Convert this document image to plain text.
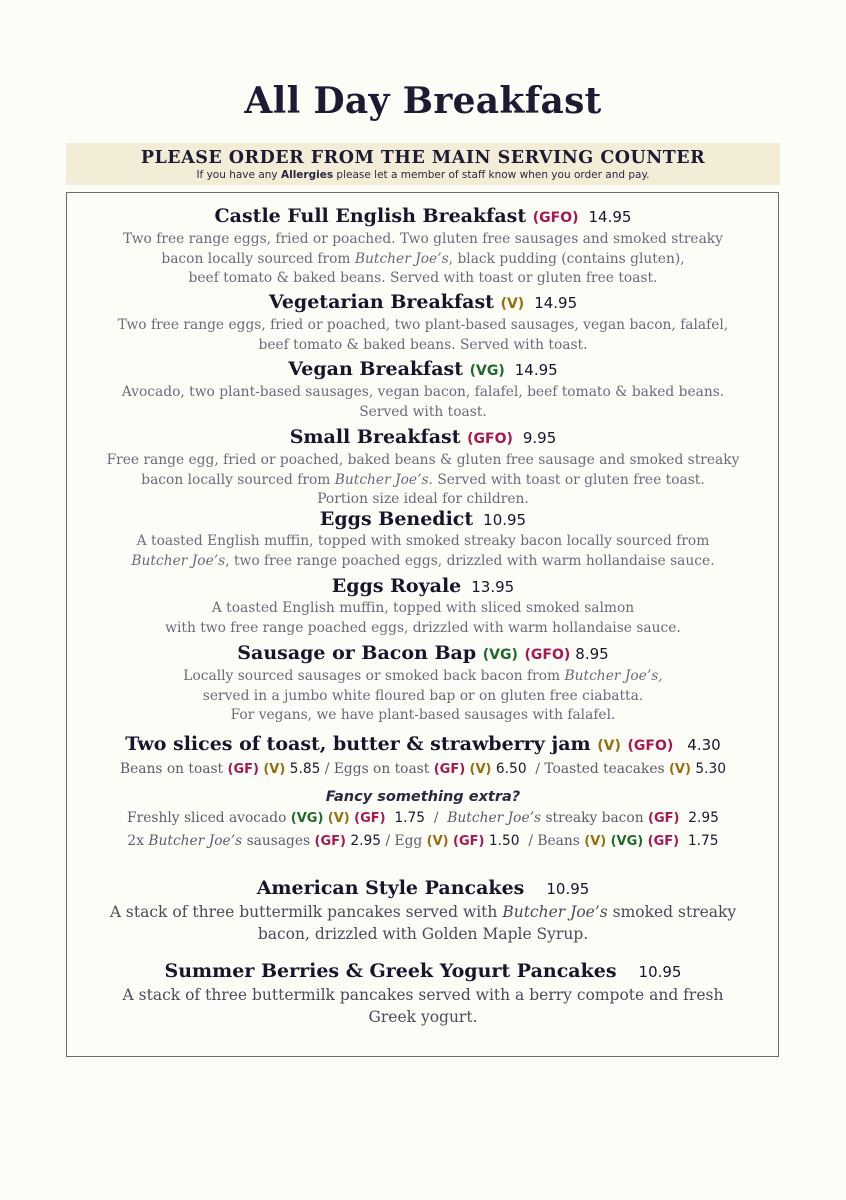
All Day Breakfast
PLEASE ORDER FROM THE MAIN SERVING COUNTER
If you have any Allergies please let a member of staff know when you order and pay.
Castle Full English Breakfast (GFO) 14.95
Two free range eggs, fried or poached. Two gluten free sausages and smoked streaky
bacon locally sourced from Butcher Joe’s, black pudding (contains gluten),
beef tomato & baked beans. Served with toast or gluten free toast.
Vegetarian Breakfast (V) 14.95
Two free range eggs, fried or poached, two plant-based sausages, vegan bacon, falafel,
beef tomato & baked beans. Served with toast.
Vegan Breakfast (VG) 14.95
Avocado, two plant-based sausages, vegan bacon, falafel, beef tomato & baked beans.
Served with toast.
Small Breakfast (GFO) 9.95
Free range egg, fried or poached, baked beans & gluten free sausage and smoked streaky
bacon locally sourced from Butcher Joe’s. Served with toast or gluten free toast.
Portion size ideal for children.
Eggs Benedict 10.95
A toasted English muffin, topped with smoked streaky bacon locally sourced from
Butcher Joe’s, two free range poached eggs, drizzled with warm hollandaise sauce.
Eggs Royale 13.95
A toasted English muffin, topped with sliced smoked salmon
with two free range poached eggs, drizzled with warm hollandaise sauce.
Sausage or Bacon Bap (VG) (GFO) 8.95
Locally sourced sausages or smoked back bacon from Butcher Joe’s,
served in a jumbo white floured bap or on gluten free ciabatta.
For vegans, we have plant-based sausages with falafel.
Two slices of toast, butter & strawberry jam (V) (GFO) 4.30
Beans on toast (GF) (V) 5.85 / Eggs on toast (GF) (V) 6.50 / Toasted teacakes (V) 5.30
Fancy something extra?
Freshly sliced avocado (VG) (V) (GF) 1.75  /  Butcher Joe’s streaky bacon (GF) 2.95
2x Butcher Joe’s sausages (GF) 2.95 / Egg (V) (GF) 1.50 / Beans (V) (VG) (GF) 1.75
American Style Pancakes 10.95
A stack of three buttermilk pancakes served with Butcher Joe’s smoked streaky
bacon, drizzled with Golden Maple Syrup.
Summer Berries & Greek Yogurt Pancakes 10.95
A stack of three buttermilk pancakes served with a berry compote and fresh
Greek yogurt.
